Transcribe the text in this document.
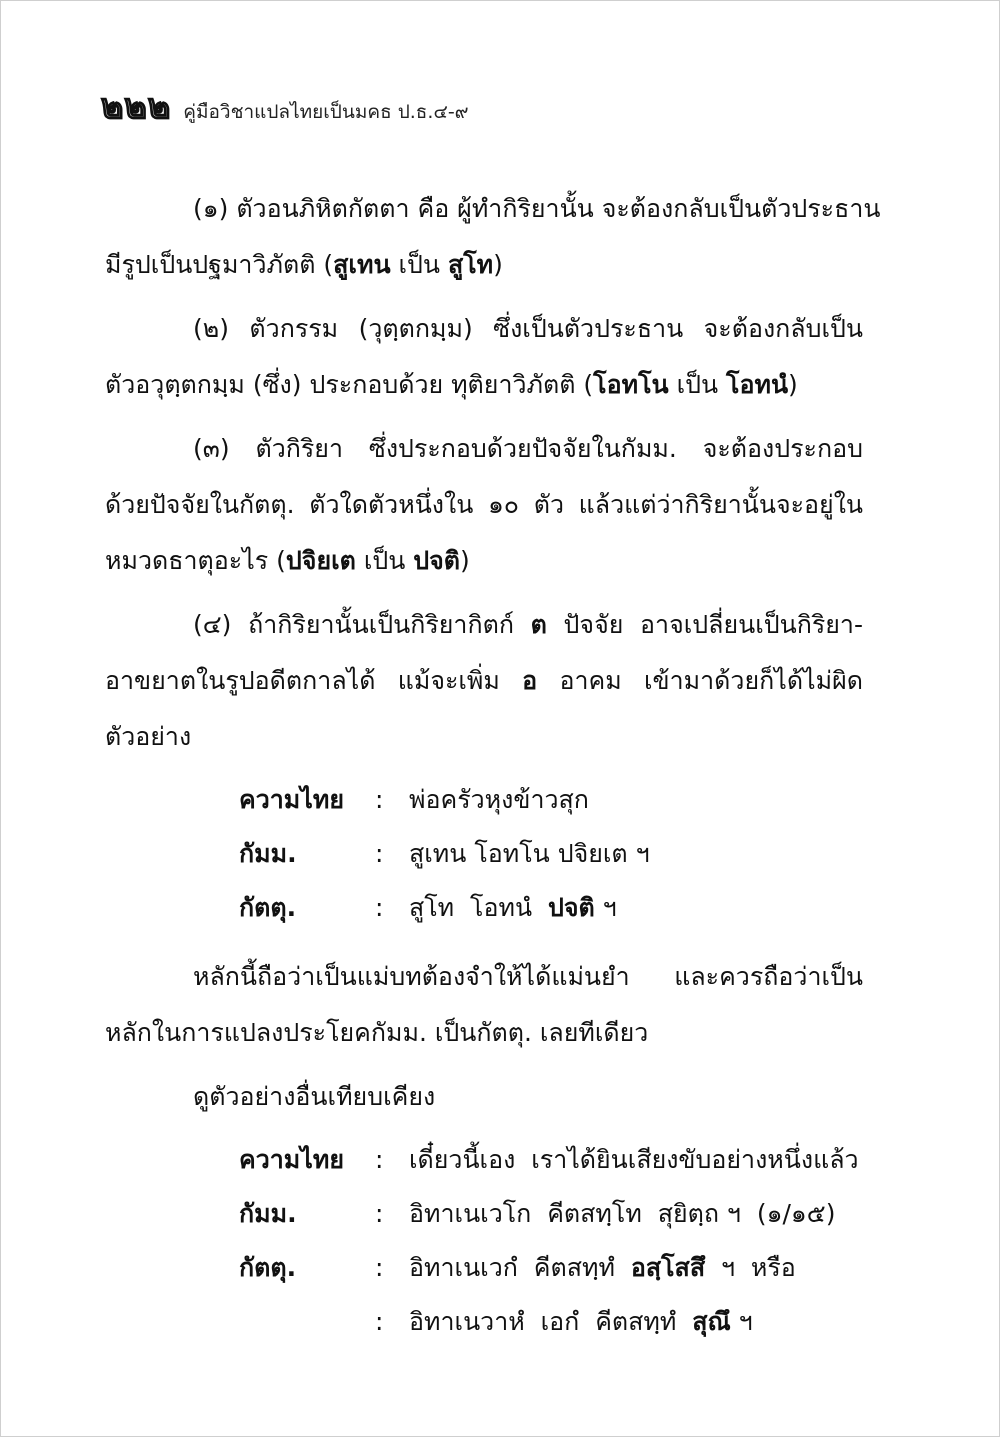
๒๒๒ คู่มือวิชาแปลไทยเป็นมคธ ป.ธ.๔-๙

(๑) ตัวอนภิหิตกัตตา คือ ผู้ทำกิริยานั้น จะต้องกลับเป็นตัวประธาน
มีรูปเป็นปฐมาวิภัตติ (สูเทน เป็น สูโท)

(๒) ตัวกรรม (วุตฺตกมฺม) ซึ่งเป็นตัวประธาน จะต้องกลับเป็น
ตัวอวุตฺตกมฺม (ซึ่ง) ประกอบด้วย ทุติยาวิภัตติ (โอทโน เป็น โอทนํ)

(๓) ตัวกิริยา ซึ่งประกอบด้วยปัจจัยในกัมม. จะต้องประกอบ
ด้วยปัจจัยในกัตตุ. ตัวใดตัวหนึ่งใน ๑๐ ตัว แล้วแต่ว่ากิริยานั้นจะอยู่ใน
หมวดธาตุอะไร (ปจิยเต เป็น ปจติ)

(๔) ถ้ากิริยานั้นเป็นกิริยากิตก์ ต ปัจจัย อาจเปลี่ยนเป็นกิริยา-
อาขยาตในรูปอดีตกาลได้ แม้จะเพิ่ม อ อาคม เข้ามาด้วยก็ได้ไม่ผิด
ตัวอย่าง

ความไทย	:	พ่อครัวหุงข้าวสุก
กัมม.	:	สูเทน โอทโน ปจิยเต ฯ
กัตตุ.	:	สูโท  โอทนํ  ปจติ ฯ

หลักนี้ถือว่าเป็นแม่บทต้องจำให้ได้แม่นยำ และควรถือว่าเป็น
หลักในการแปลงประโยคกัมม. เป็นกัตตุ. เลยทีเดียว

ดูตัวอย่างอื่นเทียบเคียง

ความไทย	:	เดี๋ยวนี้เอง  เราได้ยินเสียงขับอย่างหนึ่งแล้ว
กัมม.	:	อิทาเนเวโก  คีตสทฺโท  สุยิตฺถ ฯ  (๑/๑๕)
กัตตุ.	:	อิทาเนเวกํ  คีตสทฺทํ  อสฺโสสึ  ฯ  หรือ
:	อิทาเนวาหํ  เอกํ  คีตสทฺทํ  สุณึ ฯ
